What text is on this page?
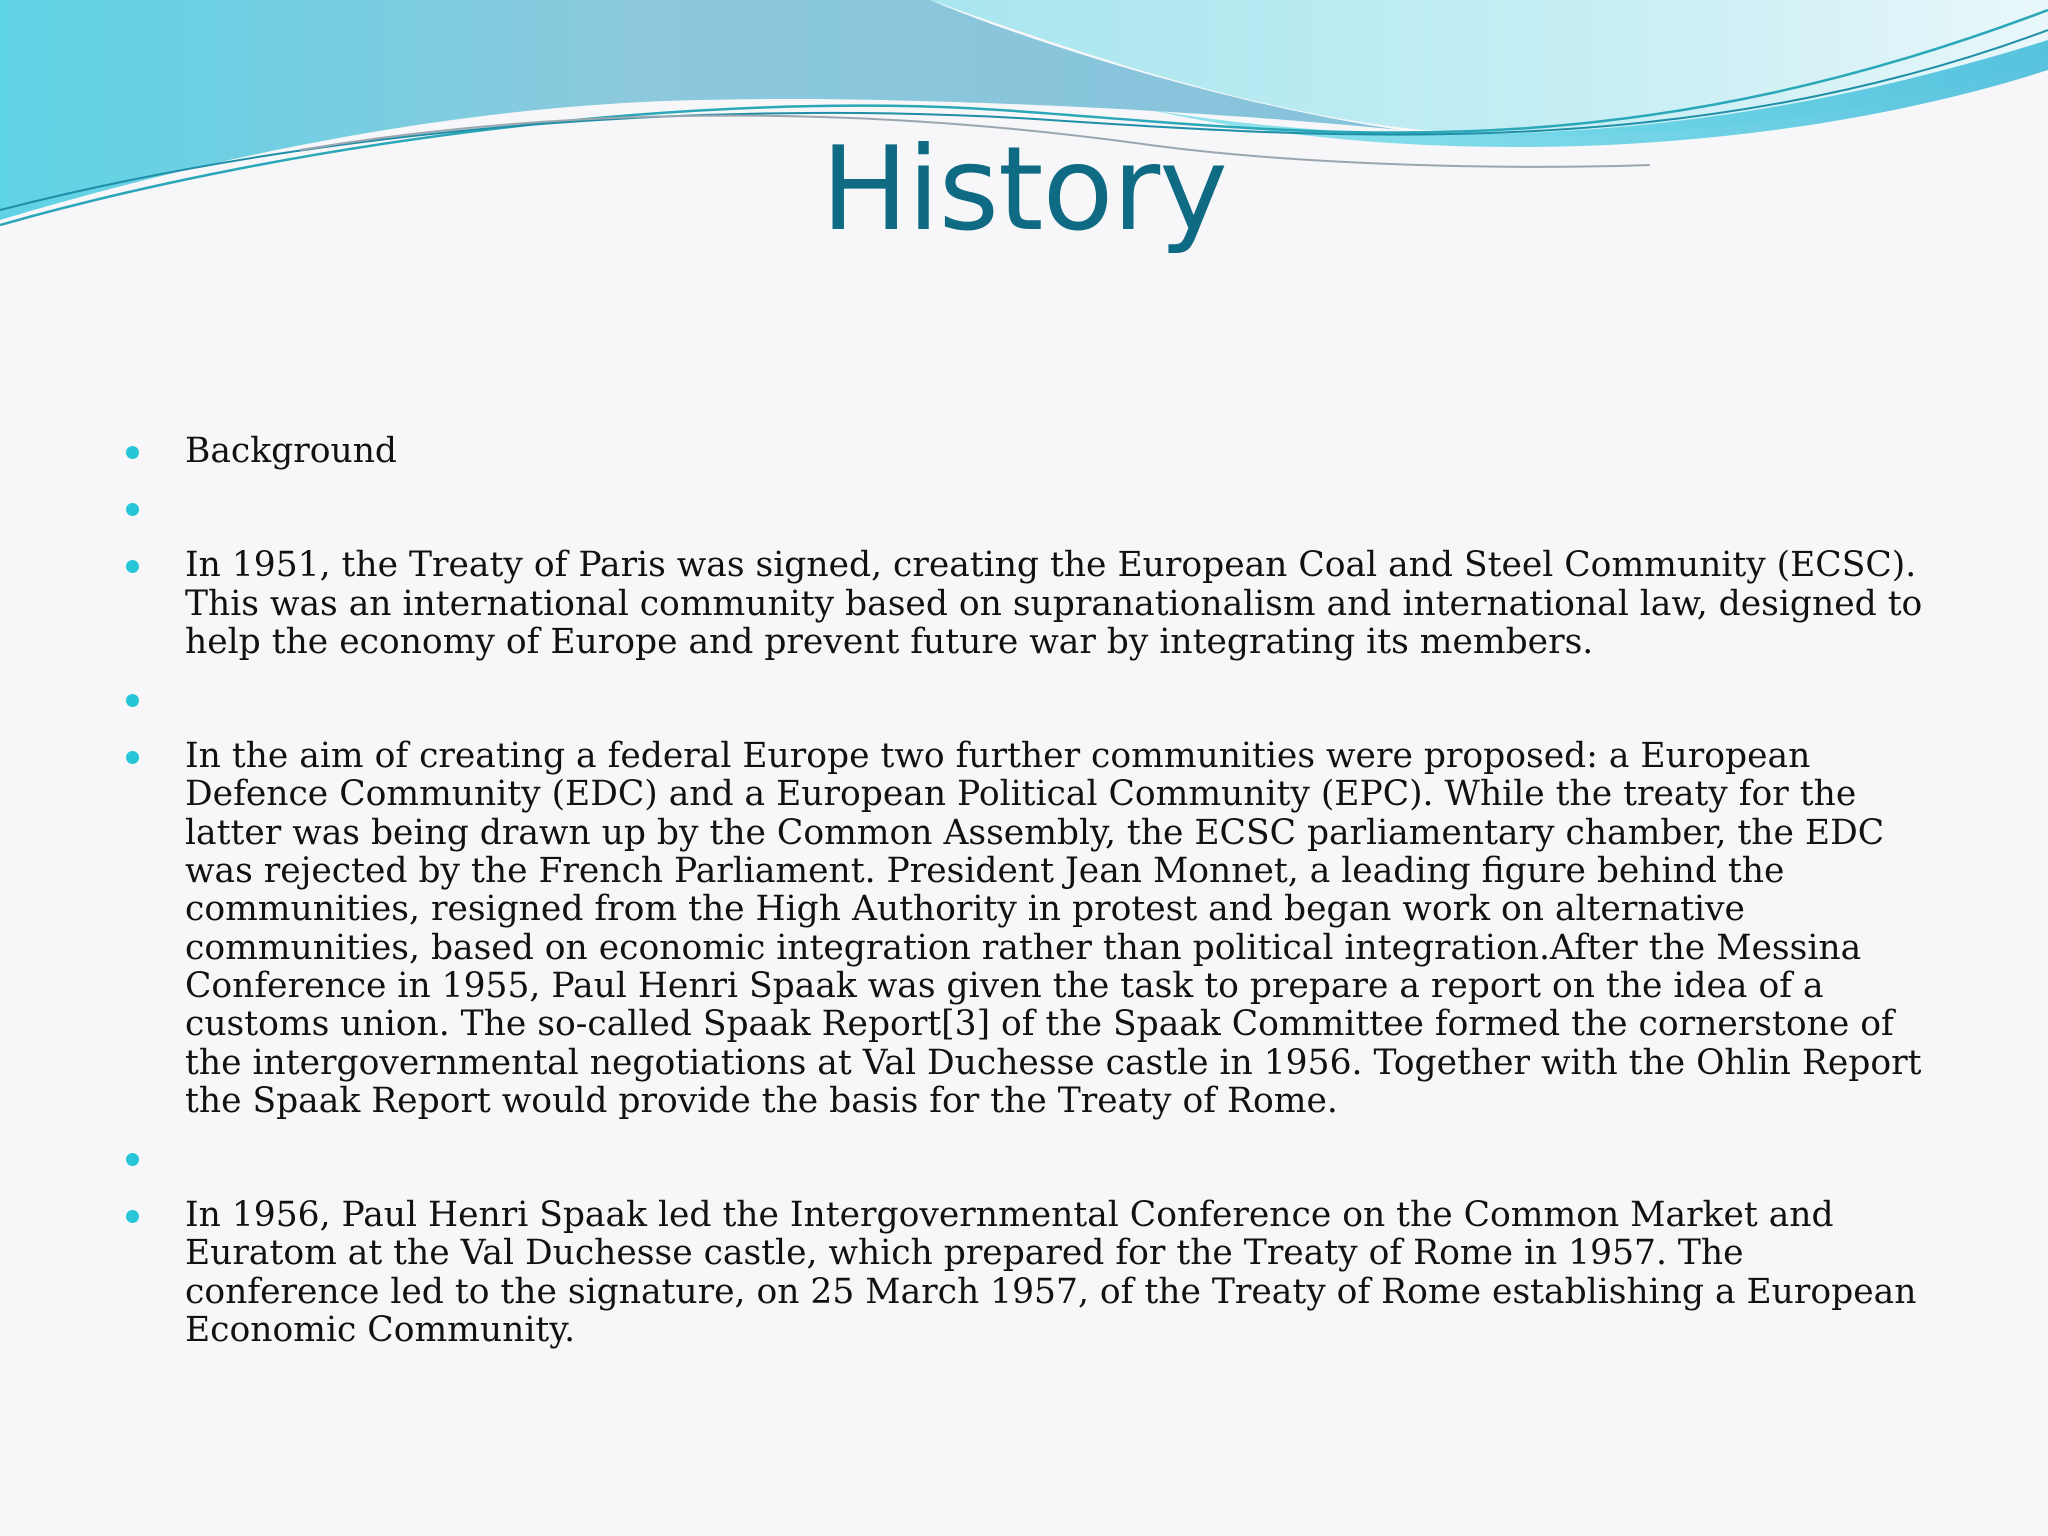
History
Background
In 1951, the Treaty of Paris was signed, creating the European Coal and Steel Community (ECSC). This was an international community based on supranationalism and international law, designed to help the economy of Europe and prevent future war by integrating its members.
In the aim of creating a federal Europe two further communities were proposed: a European Defence Community (EDC) and a European Political Community (EPC). While the treaty for the latter was being drawn up by the Common Assembly, the ECSC parliamentary chamber, the EDC was rejected by the French Parliament. President Jean Monnet, a leading figure behind the communities, resigned from the High Authority in protest and began work on alternative communities, based on economic integration rather than political integration.After the Messina Conference in 1955, Paul Henri Spaak was given the task to prepare a report on the idea of a customs union. The so-called Spaak Report[3] of the Spaak Committee formed the cornerstone of the intergovernmental negotiations at Val Duchesse castle in 1956. Together with the Ohlin Report the Spaak Report would provide the basis for the Treaty of Rome.
In 1956, Paul Henri Spaak led the Intergovernmental Conference on the Common Market and Euratom at the Val Duchesse castle, which prepared for the Treaty of Rome in 1957. The conference led to the signature, on 25 March 1957, of the Treaty of Rome establishing a European Economic Community.
